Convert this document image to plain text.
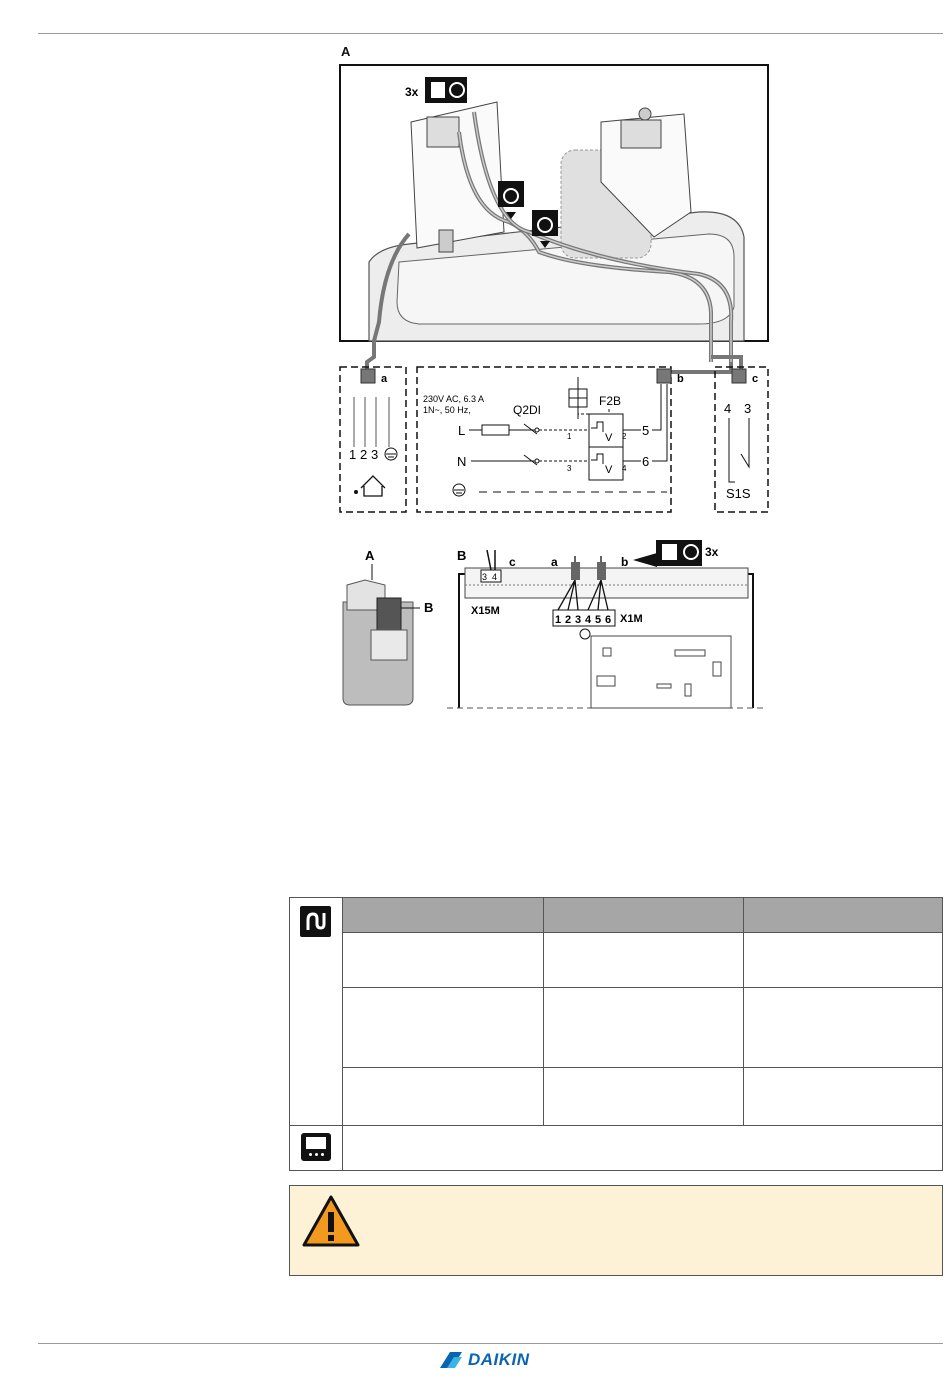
A
3x
a
1 2 3
b
230V AC, 6.3 A
1N~, 50 Hz,	Q2DI
F2B
L
N
1
3
V
V
2
4
5
6
c
4 3
S1S
A
B
B
3 4
X15M
c
1 2 3 4 5 6 X1M
a	b
3x
DAIKIN
